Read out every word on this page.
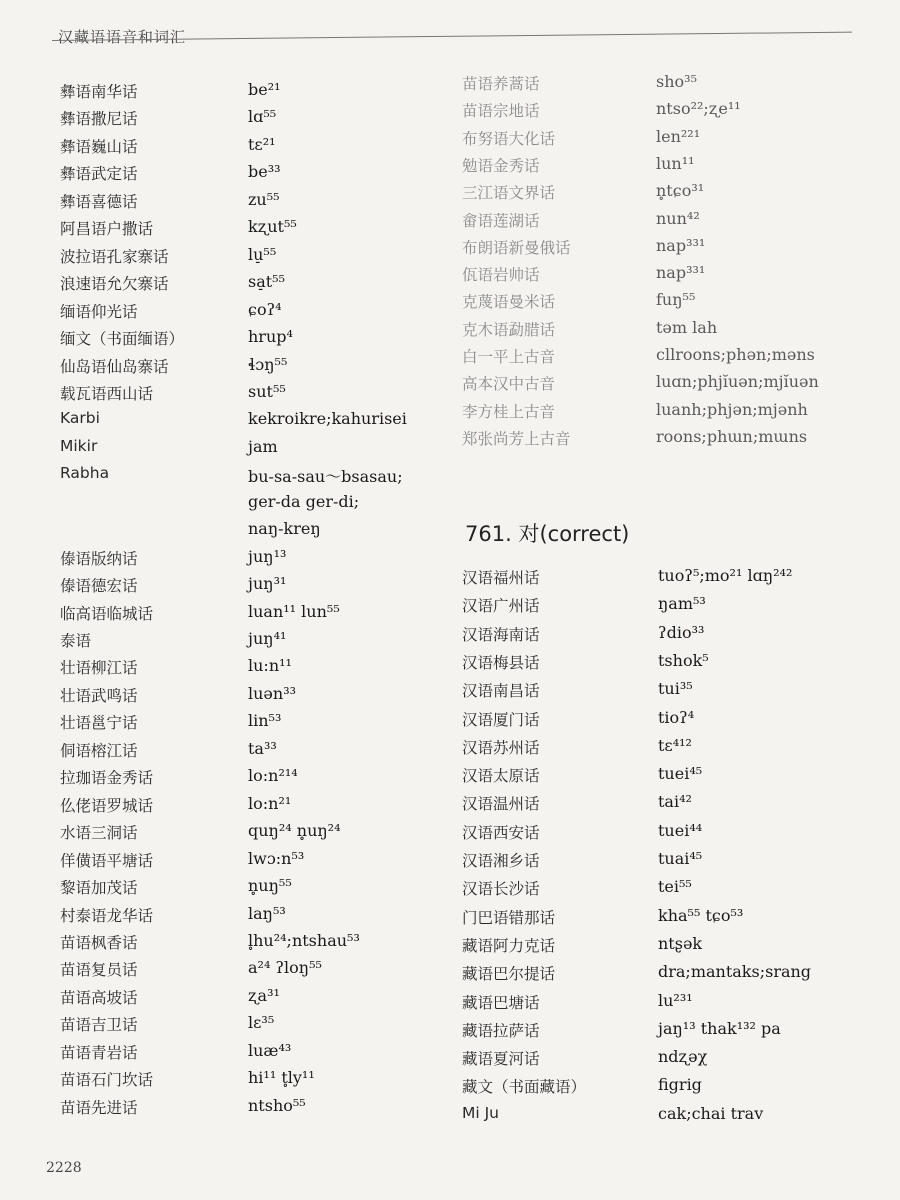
汉藏语语音和词汇
彝语南华话	be²¹
彝语撒尼话	lɑ⁵⁵
彝语巍山话	tɛ²¹
彝语武定话	be³³
彝语喜德话	zu⁵⁵
阿昌语户撒话	kʐut⁵⁵
波拉语孔家寨话	lu̠⁵⁵
浪速语允欠寨话	sa̠t⁵⁵
缅语仰光话	ɕoʔ⁴
缅文（书面缅语）	hrup⁴
仙岛语仙岛寨话	ɬɔŋ⁵⁵
载瓦语西山话	sut⁵⁵
Karbi	kekroikre;kahurisei
Mikir	jam
Rabha	bu-sa-sau～bsasau;
ger-da ger-di;
naŋ-kreŋ
傣语版纳话	juŋ¹³
傣语德宏话	juŋ³¹
临高语临城话	luan¹¹ lun⁵⁵
泰语	juŋ⁴¹
壮语柳江话	lu:n¹¹
壮语武鸣话	luən³³
壮语邕宁话	lin⁵³
侗语榕江话	ta³³
拉珈语金秀话	lo:n²¹⁴
仫佬语罗城话	lo:n²¹
水语三洞话	quŋ²⁴ n̥uŋ²⁴
佯僙语平塘话	lwɔ:n⁵³
黎语加茂话	n̥uŋ⁵⁵
村泰语龙华话	laŋ⁵³
苗语枫香话	l̥hu²⁴;ntshau⁵³
苗语复员话	a²⁴ ʔloŋ⁵⁵
苗语高坡话	ʐa³¹
苗语吉卫话	lɛ³⁵
苗语青岩话	luæ⁴³
苗语石门坎话	hi¹¹ t̥ly¹¹
苗语先进话	ntsho⁵⁵
苗语养蒿话	sho³⁵
苗语宗地话	ntso²²;ʐe¹¹
布努语大化话	len²²¹
勉语金秀话	lun¹¹
三江语文界话	n̥tɕo³¹
畲语莲湖话	nun⁴²
布朗语新曼俄话	nap³³¹
佤语岩帅话	nap³³¹
克蔑语曼米话	fuŋ⁵⁵
克木语勐腊话	təm lah
白一平上古音	cllroons;phən;məns
高本汉中古音	luɑn;phjĭuən;mjĭuən
李方桂上古音	luanh;phjən;mjənh
郑张尚芳上古音	roons;phɯn;mɯns
761. 对(correct)
汉语福州话	tuoʔ⁵;mo²¹ lɑŋ²⁴²
汉语广州话	ŋam⁵³
汉语海南话	ʔdio³³
汉语梅县话	tshok⁵
汉语南昌话	tui³⁵
汉语厦门话	tioʔ⁴
汉语苏州话	tɛ⁴¹²
汉语太原话	tuei⁴⁵
汉语温州话	tai⁴²
汉语西安话	tuei⁴⁴
汉语湘乡话	tuai⁴⁵
汉语长沙话	tei⁵⁵
门巴语错那话	kha⁵⁵ tɕo⁵³
藏语阿力克话	ntʂək
藏语巴尔提话	dra;mantaks;srang
藏语巴塘话	lu²³¹
藏语拉萨话	jaŋ¹³ thak¹³² pa
藏语夏河话	ndʐəχ
藏文（书面藏语）	figrig
Mi Ju	cak;chai trav
2228
